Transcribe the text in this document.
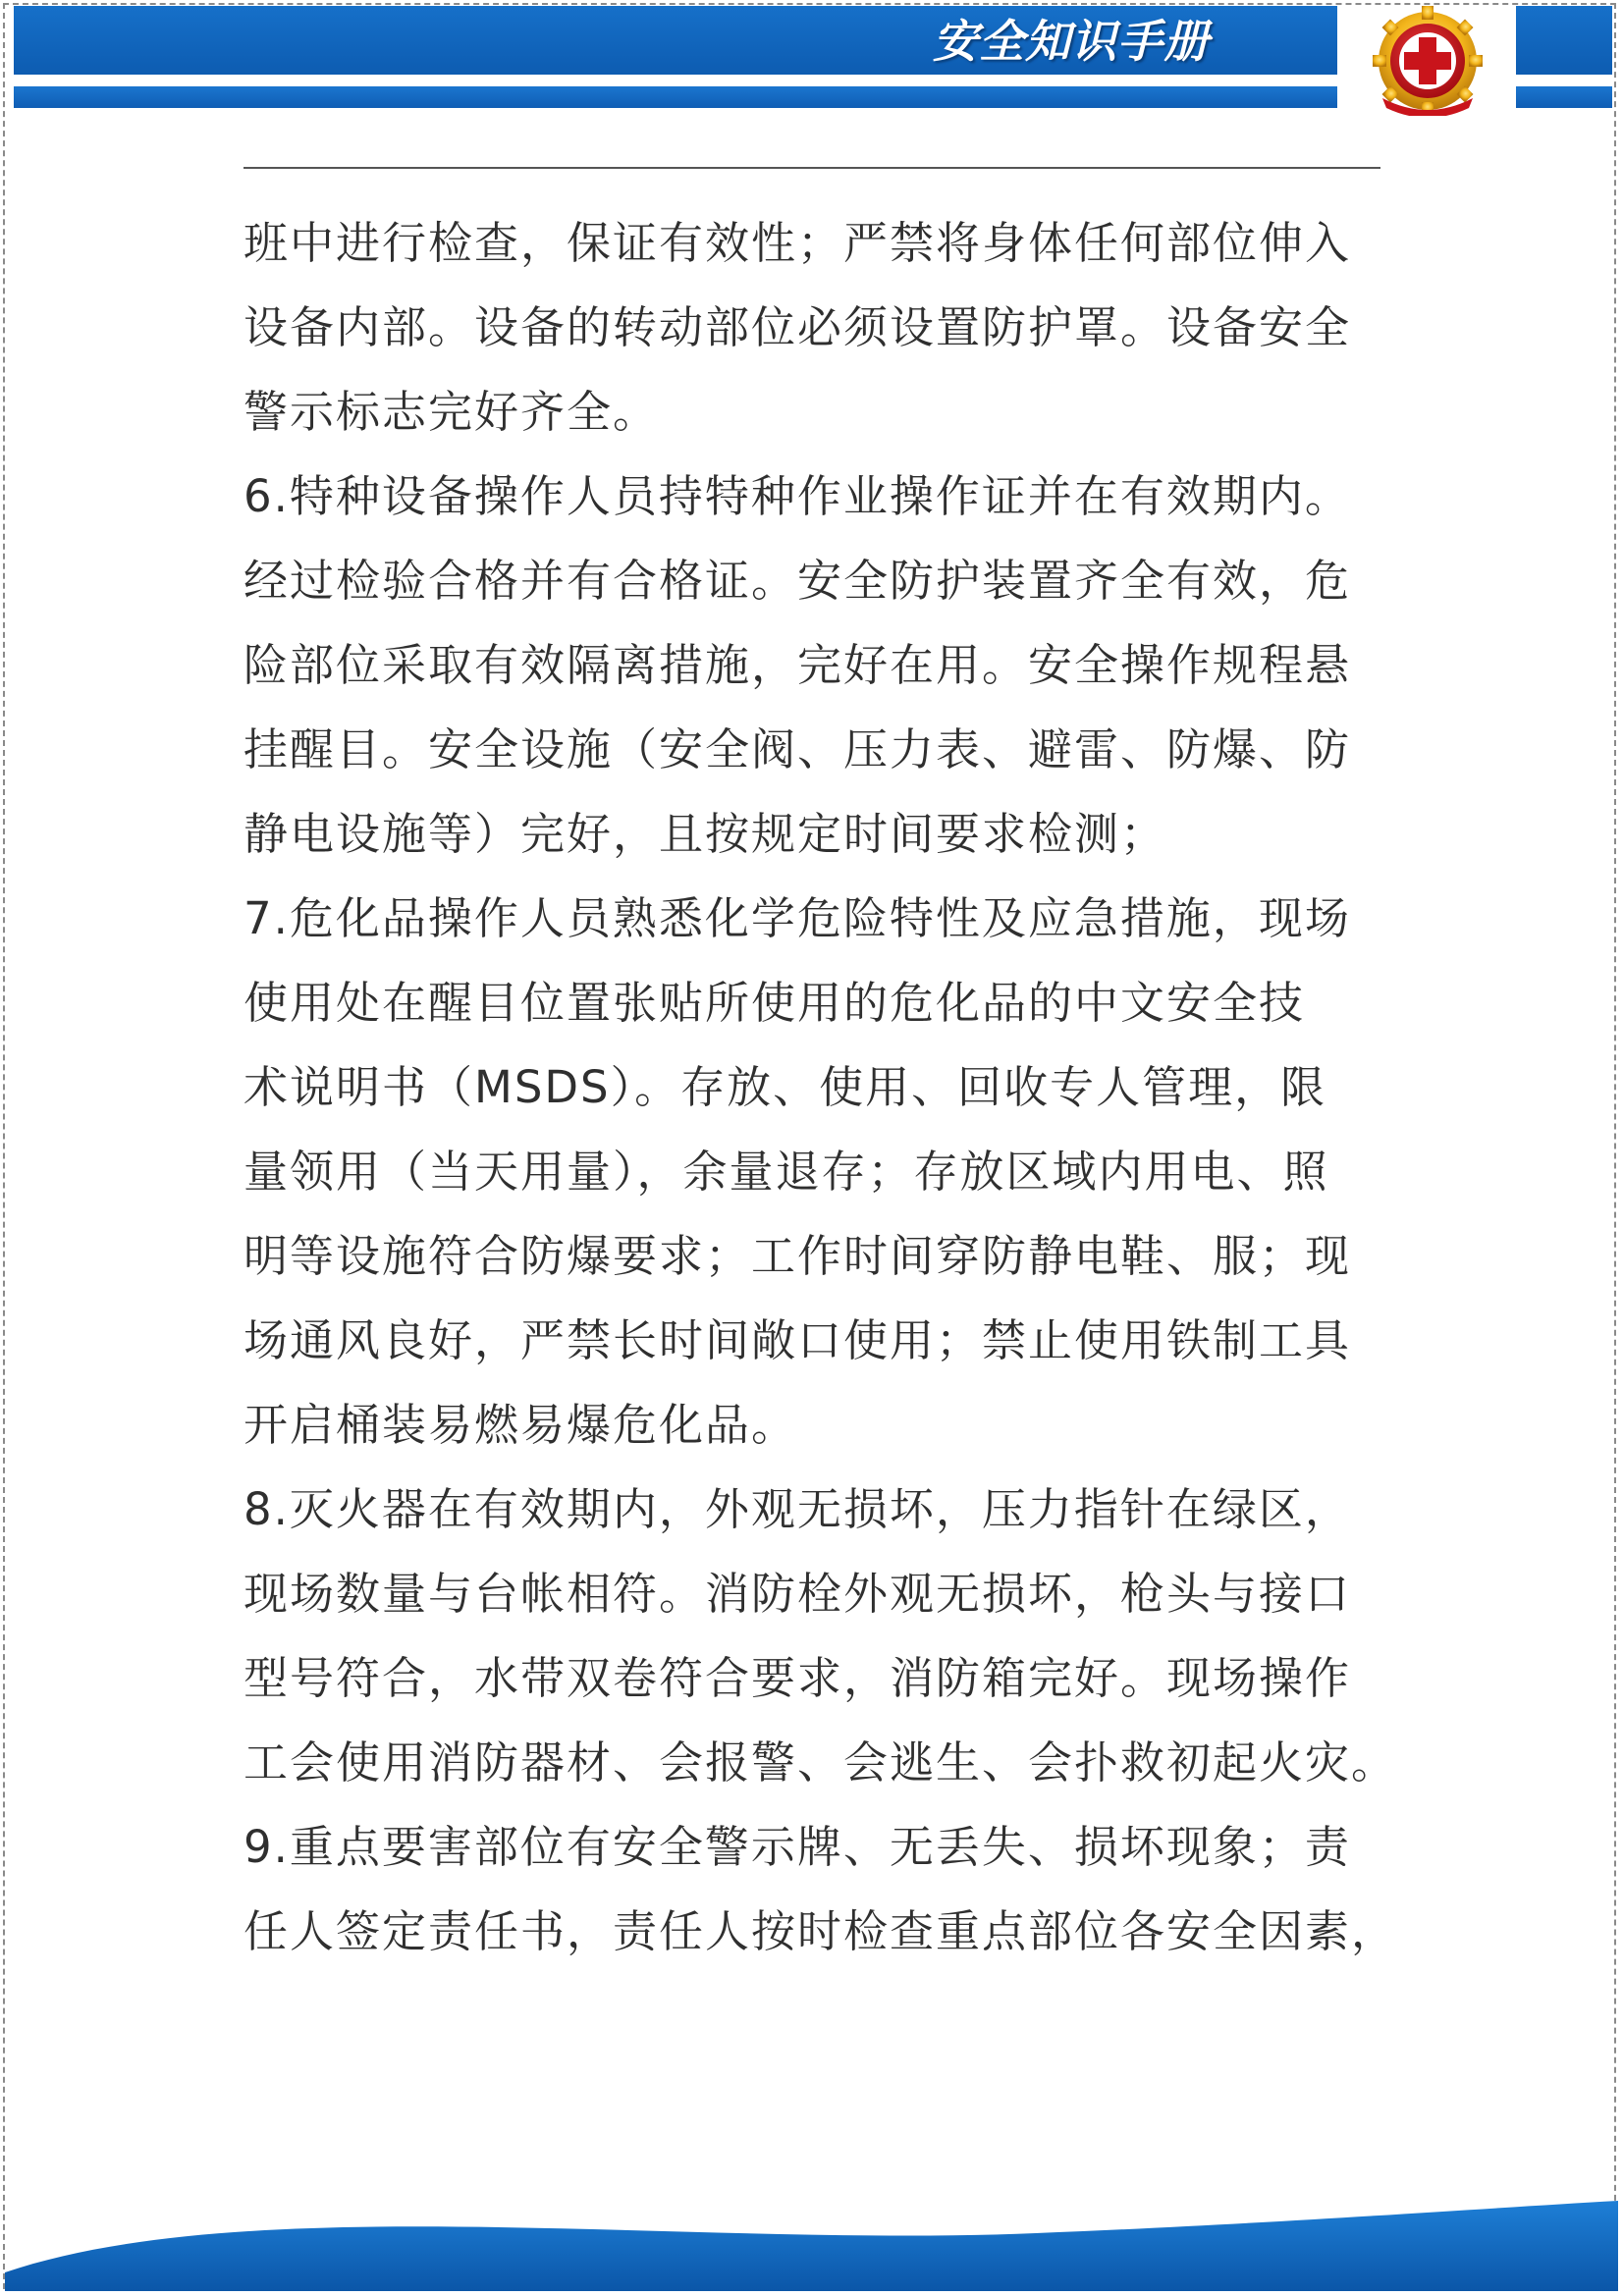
安全知识手册
班中进行检查，保证有效性；严禁将身体任何部位伸入
设备内部。设备的转动部位必须设置防护罩。设备安全
警示标志完好齐全。
6.特种设备操作人员持特种作业操作证并在有效期内。
经过检验合格并有合格证。安全防护装置齐全有效，危
险部位采取有效隔离措施，完好在用。安全操作规程悬
挂醒目。安全设施（安全阀、压力表、避雷、防爆、防
静电设施等）完好，且按规定时间要求检测；
7.危化品操作人员熟悉化学危险特性及应急措施，现场
使用处在醒目位置张贴所使用的危化品的中文安全技
术说明书（MSDS）。存放、使用、回收专人管理，限
量领用（当天用量），余量退存；存放区域内用电、照
明等设施符合防爆要求；工作时间穿防静电鞋、服；现
场通风良好，严禁长时间敞口使用；禁止使用铁制工具
开启桶装易燃易爆危化品。
8.灭火器在有效期内，外观无损坏，压力指针在绿区，
现场数量与台帐相符。消防栓外观无损坏，枪头与接口
型号符合，水带双卷符合要求，消防箱完好。现场操作
工会使用消防器材、会报警、会逃生、会扑救初起火灾。
9.重点要害部位有安全警示牌、无丢失、损坏现象；责
任人签定责任书，责任人按时检查重点部位各安全因素，
